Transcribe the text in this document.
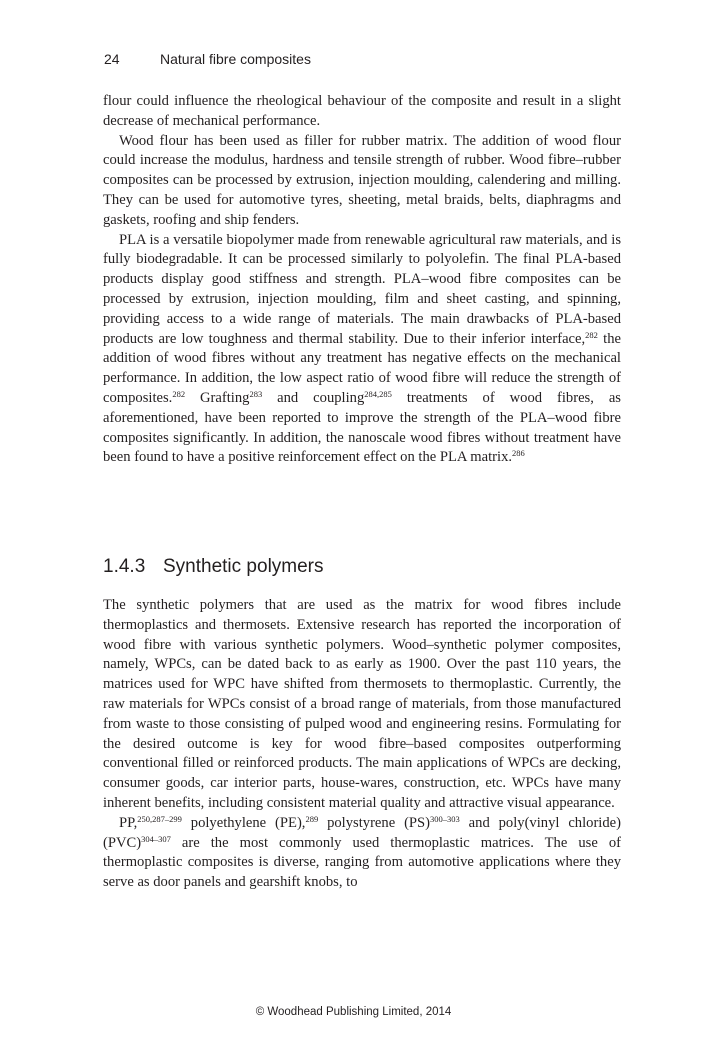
24	Natural fibre composites

flour could influence the rheological behaviour of the composite and result in a slight decrease of mechanical performance.

Wood flour has been used as filler for rubber matrix. The addition of wood flour could increase the modulus, hardness and tensile strength of rubber. Wood fibre–rubber composites can be processed by extrusion, injection moulding, calendering and milling. They can be used for automotive tyres, sheeting, metal braids, belts, diaphragms and gaskets, roofing and ship fenders.

PLA is a versatile biopolymer made from renewable agricultural raw materials, and is fully biodegradable. It can be processed similarly to polyolefin. The final PLA-based products display good stiffness and strength. PLA–wood fibre composites can be processed by extrusion, injection moulding, film and sheet casting, and spinning, providing access to a wide range of materials. The main drawbacks of PLA-based products are low toughness and thermal stability. Due to their inferior interface,$^{282}$ the addition of wood fibres without any treatment has negative effects on the mechanical performance. In addition, the low aspect ratio of wood fibre will reduce the strength of composites.$^{282}$ Grafting$^{283}$ and coupling$^{284,285}$ treatments of wood fibres, as aforementioned, have been reported to improve the strength of the PLA–wood fibre composites significantly. In addition, the nanoscale wood fibres without treatment have been found to have a positive reinforcement effect on the PLA matrix.$^{286}$

1.4.3 Synthetic polymers

The synthetic polymers that are used as the matrix for wood fibres include thermoplastics and thermosets. Extensive research has reported the incorporation of wood fibre with various synthetic polymers. Wood–synthetic polymer composites, namely, WPCs, can be dated back to as early as 1900. Over the past 110 years, the matrices used for WPC have shifted from thermosets to thermoplastic. Currently, the raw materials for WPCs consist of a broad range of materials, from those manufactured from waste to those consisting of pulped wood and engineering resins. Formulating for the desired outcome is key for wood fibre–based composites outperforming conventional filled or reinforced products. The main applications of WPCs are decking, consumer goods, car interior parts, house-wares, construction, etc. WPCs have many inherent benefits, including consistent material quality and attractive visual appearance.

PP,$^{250,287-299}$ polyethylene (PE),$^{289}$ polystyrene (PS)$^{300-303}$ and poly(vinyl chloride) (PVC)$^{304-307}$ are the most commonly used thermoplastic matrices. The use of thermoplastic composites is diverse, ranging from automotive applications where they serve as door panels and gearshift knobs, to

© Woodhead Publishing Limited, 2014
